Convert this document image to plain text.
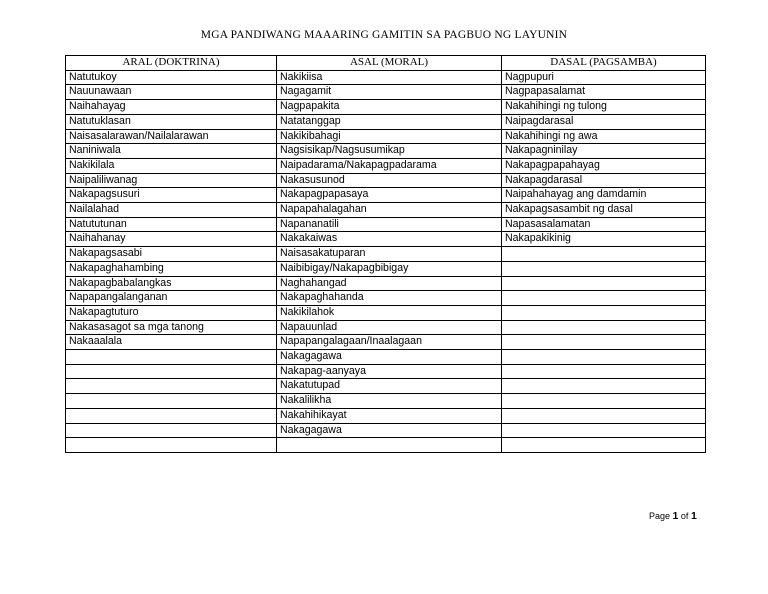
MGA PANDIWANG MAAARING GAMITIN SA PAGBUO NG LAYUNIN
ARAL (DOKTRINA)	ASAL (MORAL)	DASAL (PAGSAMBA)
Natutukoy	Nakikiisa	Nagpupuri
Nauunawaan	Nagagamit	Nagpapasalamat
Naihahayag	Nagpapakita	Nakahihingi ng tulong
Natutuklasan	Natatanggap	Naipagdarasal
Naisasalarawan/Nailalarawan	Nakikibahagi	Nakahihingi ng awa
Naniniwala	Nagsisikap/Nagsusumikap	Nakapagninilay
Nakikilala	Naipadarama/Nakapagpadarama	Nakapagpapahayag
Naipaliliwanag	Nakasusunod	Nakapagdarasal
Nakapagsusuri	Nakapagpapasaya	Naipahahayag ang damdamin
Nailalahad	Napapahalagahan	Nakapagsasambit ng dasal
Natututunan	Napananatili	Napasasalamatan
Naihahanay	Nakakaiwas	Nakapakikinig
Nakapagsasabi	Naisasakatuparan	
Nakapaghahambing	Naibibigay/Nakapagbibigay	
Nakapagbabalangkas	Naghahangad	
Napapangalanganan	Nakapaghahanda	
Nakapagtuturo	Nakikilahok	
Nakasasagot sa mga tanong	Napauunlad	
Nakaaalala	Napapangalagaan/Inaalagaan	
	Nakagagawa	
	Nakapag-aanyaya	
	Nakatutupad	
	Nakalilikha	
	Nakahihikayat	
	Nakagagawa	

Page 1 of 1
